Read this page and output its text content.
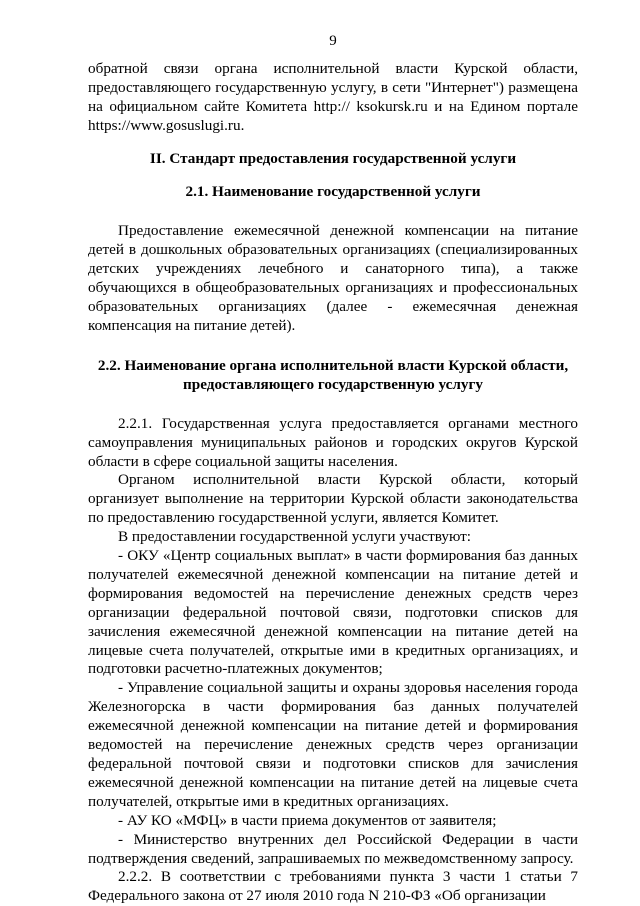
9

обратной связи органа исполнительной власти Курской области, предоставляющего государственную услугу, в сети "Интернет") размещена на официальном сайте Комитета http:// ksokursk.ru и на Едином портале https://www.gosuslugi.ru.

II. Стандарт предоставления государственной услуги

2.1. Наименование государственной услуги

Предоставление ежемесячной денежной компенсации на питание детей в дошкольных образовательных организациях (специализированных детских учреждениях лечебного и санаторного типа), а также обучающихся в общеобразовательных организациях и профессиональных образовательных организациях (далее - ежемесячная денежная компенсация на питание детей).

2.2. Наименование органа исполнительной власти Курской области, предоставляющего государственную услугу

2.2.1. Государственная услуга предоставляется органами местного самоуправления муниципальных районов и городских округов Курской области в сфере социальной защиты населения.

Органом исполнительной власти Курской области, который организует выполнение на территории Курской области законодательства по предоставлению государственной услуги, является Комитет.

В предоставлении государственной услуги участвуют:

- ОКУ «Центр социальных выплат» в части формирования баз данных получателей ежемесячной денежной компенсации на питание детей и формирования ведомостей на перечисление денежных средств через организации федеральной почтовой связи, подготовки списков для зачисления ежемесячной денежной компенсации на питание детей на лицевые счета получателей, открытые ими в кредитных организациях, и подготовки расчетно-платежных документов;

- Управление социальной защиты и охраны здоровья населения города Железногорска в части формирования баз данных получателей ежемесячной денежной компенсации на питание детей и формирования ведомостей на перечисление денежных средств через организации федеральной почтовой связи и подготовки списков для зачисления ежемесячной денежной компенсации на питание детей на лицевые счета получателей, открытые ими в кредитных организациях.

- АУ КО «МФЦ» в части приема документов от заявителя;

- Министерство внутренних дел Российской Федерации в части подтверждения сведений, запрашиваемых по межведомственному запросу.

2.2.2. В соответствии с требованиями пункта 3 части 1 статьи 7 Федерального закона от 27 июля 2010 года N 210-ФЗ «Об организации
